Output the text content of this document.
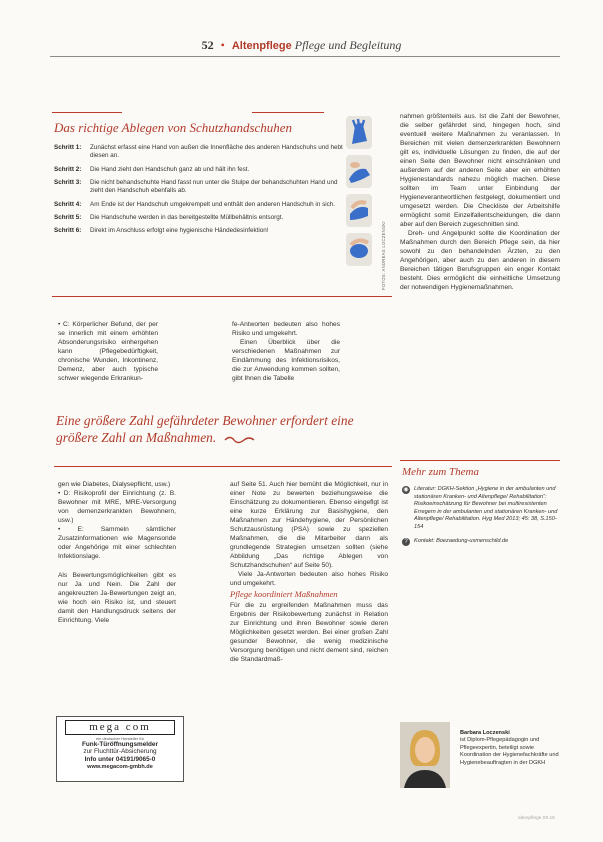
52 • Altenpflege Pflege und Begleitung
Das richtige Ablegen von Schutzhandschuhen
Schritt 1:	Zunächst erfasst eine Hand von außen die Innenfläche des anderen Handschuhs und hebt diesen an.
Schritt 2:	Die Hand zieht den Handschuh ganz ab und hält ihn fest.
Schritt 3:	Die nicht behandschuhte Hand fasst nun unter die Stulpe der behandschuhten Hand und zieht den Handschuh ebenfalls ab.
Schritt 4:	Am Ende ist der Handschuh umgekrempelt und enthält den anderen Handschuh in sich.
Schritt 5:	Die Handschuhe werden in das bereitgestellte Müllbehältnis entsorgt.
Schritt 6:	Direkt im Anschluss erfolgt eine hygienische Händedesinfektion!	FOTOS: ANDREAS LOCZENSKI

• C: Körperlicher Befund, der per se innerlich mit einem erhöhten Absonderungsrisiko einhergehen kann (Pflegebedürftigkeit, chronische Wunden, Inkontinenz, Demenz, aber auch typische schwer wiegende Erkrankun-

fe-Antworten bedeuten also hohes Risiko und umgekehrt.

Einen Überblick über die verschiedenen Maßnahmen zur Eindämmung des Infektionsrisikos, die zur Anwendung kommen sollten, gibt Ihnen die Tabelle

nahmen größtenteils aus. Ist die Zahl der Bewohner, die selber gefährdet sind, hingegen hoch, sind eventuell weitere Maßnahmen zu veranlassen. In Bereichen mit vielen demenzerkrankten Bewohnern gilt es, individuelle Lösungen zu finden, die auf der einen Seite den Bewohner nicht einschränken und außerdem auf der anderen Seite aber ein erhöhten Hygienestandards nahezu möglich machen. Diese sollten im Team unter Einbindung der Hygieneverantwortlichen festgelegt, dokumentiert und umgesetzt werden. Die Checkliste der Arbeitshilfe ermöglicht somit Einzelfallentscheidungen, die dann aber auf den Bereich zugeschnitten sind.

Dreh- und Angelpunkt sollte die Koordination der Maßnahmen durch den Bereich Pflege sein, da hier sowohl zu den behandelnden Ärzten, zu den Angehörigen, aber auch zu den anderen in diesem Bereichen tätigen Berufsgruppen ein enger Kontakt besteht. Dies ermöglicht die einheitliche Umsetzung der notwendigen Hygienemaßnahmen.

Eine größere Zahl gefährdeter Bewohner erfordert eine größere Zahl an Maßnahmen.

gen wie Diabetes, Dialysepflicht, usw.)

• D: Risikoprofil der Einrichtung (z. B. Bewohner mit MRE, MRE-Versorgung von demenzerkrankten Bewohnern, usw.)

• E: Sammeln sämtlicher Zusatzinformationen wie Magensonde oder Angehörige mit einer schlechten Infektionslage.

Als Bewertungsmöglichkeiten gibt es nur Ja und Nein. Die Zahl der angekreuzten Ja-Bewertungen zeigt an, wie hoch ein Risiko ist, und steuert damit den Handlungsdruck seitens der Einrichtung. Viele

auf Seite 51. Auch hier bemüht die Möglichkeit, nur in einer Note zu bewerten beziehungsweise die Einschätzung zu dokumentieren. Ebenso eingeflgt ist eine kurze Erklärung zur Basishygiene, den Maßnahmen zur Händehygiene, der Persönlichen Schutzausrüstung (PSA) sowie zu speziellen Maßnahmen, die die Mitarbeiter dann als grundlegende Strategien umsetzen sollten (siehe Abbildung „Das richtige Ablegen von Schutzhandschuhen“ auf Seite 50).

Viele Ja-Antworten bedeuten also hohes Risiko und umgekehrt.

Pflege koordiniert Maßnahmen

Für die zu ergreifenden Maßnahmen muss das Ergebnis der Risikobewertung zunächst in Relation zur Einrichtung und ihren Bewohner sowie deren Möglichkeiten gesetzt werden. Bei einer großen Zahl gesunder Bewohner, die wenig medizinische Versorgung benötigen und nicht dement sind, reichen die Standardmaß-

Mehr zum Thema
◉ Literatur: DGKH-Sektion „Hygiene in der ambulanten und stationären Kranken- und Altenpflege/ Rehabilitation“: Risikoeinschätzung für Bewohner bei multiresistenten Erregern in der ambulanten und stationären Kranken- und Altenpflege/ Rehabilitation. Hyg Med 2013; 45: 38, S.150-154
?	Kontakt: Boezaedung-usmenschild.de
mega com
ein deutscher Hersteller für
Funk-Türöffnungsmelder
zur Fluchttür-Absicherung
Info unter 04191/9065-0
www.megacom-gmbh.de
Barbara Loczenski
ist Diplom-Pflegepädagogin und Pflegeexpertin, beteiligt sowie Koordination der Hygienefachkräfte und Hygienebeauftragten in der DGKH
altenpflege 09.15
